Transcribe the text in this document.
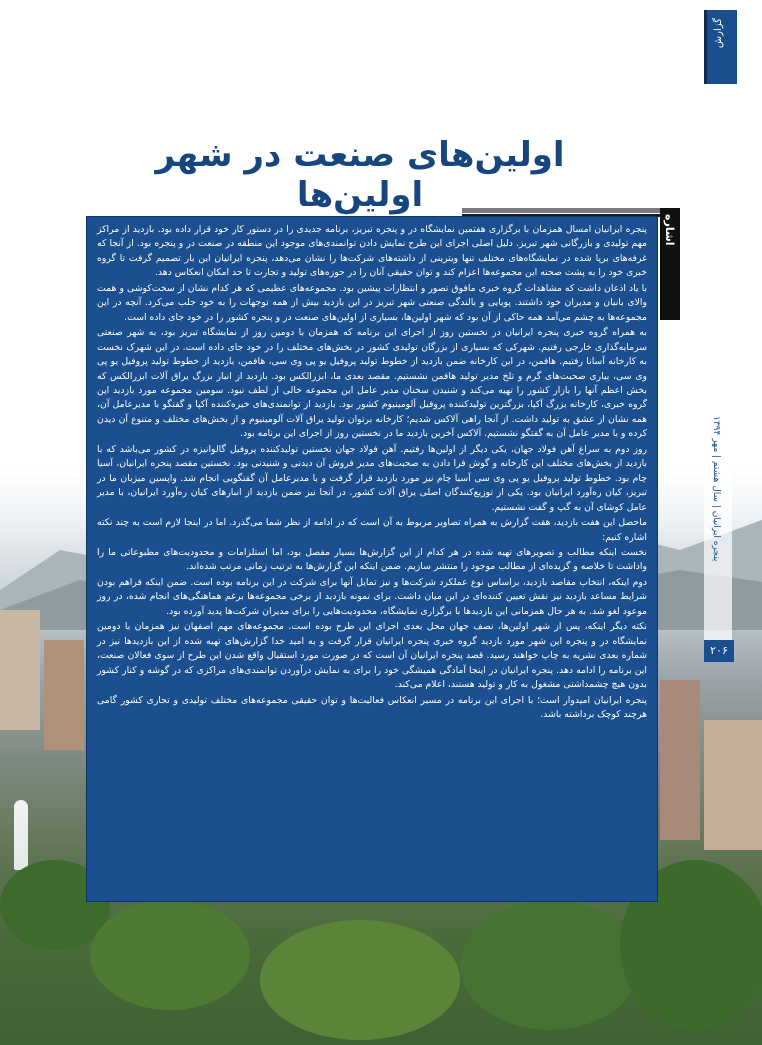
گزارش
اولین‌های صنعت در شهر اولین‌ها
اشاره

پنجره ایرانیان امسال همزمان با برگزاری هفتمین نمایشگاه در و پنجره تبریز، برنامه جدیدی را در دستور کار خود قرار داده بود. بازدید از مراکز مهم تولیدی و بازرگانی شهر تبریز. دلیل اصلی اجرای این طرح نمایش دادن توانمندی‌های موجود این منطقه در صنعت در و پنجره بود. از آنجا که غرفه‌های برپا شده در نمایشگاه‌های مختلف تنها ویترینی از داشته‌های شرکت‌ها را نشان می‌دهد، پنجره ایرانیان این بار تصمیم گرفت تا گروه خبری خود را به پشت صحنه این مجموعه‌ها اعزام کند و توان حقیقی آنان را در حوزه‌های تولید و تجارت تا حد امکان انعکاس دهد.

با یاد اذعان داشت که مشاهدات گروه خبری مافوق تصور و انتظارات پیشین بود. مجموعه‌های عظیمی که هر کدام نشان از سخت‌کوشی و همت والای بانیان و مدیران خود داشتند. پویایی و بالندگی صنعتی شهر تبریز در این بازدید بیش از همه توجهات را به خود جلب می‌کرد. آنچه در این مجموعه‌ها به چشم می‌آمد همه حاکی از آن بود که شهر اولین‌ها، بسیاری از اولین‌های صنعت در و پنجره کشور را در خود جای داده است.

به همراه گروه خبری پنجره ایرانیان در نخستین روز از اجرای این برنامه که همزمان با دومین روز از نمایشگاه تبریز بود، به شهر صنعتی سرمایه‌گذاری خارجی رفتیم. شهرکی که بسیاری از بزرگان تولیدی کشور در بخش‌های مختلف را در خود جای داده است. در این شهرک نخست به کارخانه آسانا رفتیم. هافمن، در این کارخانه ضمن بازدید از خطوط تولید پروفیل یو پی وی سی، هافمن، بازدید از خطوط تولید پروفیل یو پی وی سی، بیاری صحبت‌های گرم و تلخ مدیر تولید هافمن نشستیم. مقصد بعدی ما، ابزرالکس بود. بازدید از انبار بزرگ یراق آلات ابزرالکس که بخش اعظم آنها را بازار کشور را تهیه می‌کند و شنیدن سخنان مدیر عامل این مجموعه خالی از لطف نبود. سومین مجموعه مورد بازدید این گروه خبری، کارخانه بزرگ آکپا، بزرگترین تولیدکننده پروفیل آلومینیوم کشور بود. بازدید از توانمندی‌های خیره‌کننده آکپا و گفتگو با مدیرعامل آن، همه نشان از عشق به تولید داشت. از آنجا راهی آلاکس شدیم؛ کارخانه برتوان تولید یراق آلات آلومینیوم و از بخش‌های مختلف و متنوع آن دیدن کرده و با مدیر عامل آن به گفتگو نشستیم. آلاکس آخرین بازدید ما در نخستین روز از اجرای این برنامه بود.

روز دوم به سراغ آهن فولاد جهان، یکی دیگر از اولین‌ها رفتیم. آهن فولاد جهان نخستین تولیدکننده پروفیل گالوانیزه در کشور می‌باشد که با بازدید از بخش‌های مختلف این کارخانه و گوش فرا دادن به صحبت‌های مدیر فروش آن دیدنی و شنیدنی بود. نخستین مقصد پنجره ایرانیان، آسیا چام بود. خطوط تولید پروفیل یو پی وی سی آسیا چام نیز مورد بازدید قرار گرفت و با مدیرعامل آن گفتگویی انجام شد. واپسین میزبان ما در تبریز، کیان ره‌آورد ایرانیان بود. یکی از توزیع‌کنندگان اصلی یراق آلات کشور. در آنجا نیز ضمن بازدید از انبارهای کیان ره‌آورد ایرانیان، با مدیر عامل کوشای آن به گپ و گفت نشستیم.

ماحصل این هفت بازدید، هفت گزارش به همراه تصاویر مربوط به آن است که در ادامه از نظر شما می‌گذرد. اما در اینجا لازم است به چند نکته اشاره کنیم:

نخست اینکه مطالب و تصویرهای تهیه شده در هر کدام از این گزارش‌ها بسیار مفصل بود، اما استلزامات و محدودیت‌های مطبوعاتی ما را واداشت تا خلاصه و گزیده‌ای از مطالب موجود را منتشر سازیم. ضمن اینکه این گزارش‌ها به ترتیب زمانی مرتب شده‌اند.

دوم اینکه، انتخاب مقاصد بازدید، براساس نوع عملکرد شرکت‌ها و نیز تمایل آنها برای شرکت در این برنامه بوده است. ضمن اینکه فراهم بودن شرایط مساعد بازدید نیز نقش تعیین کننده‌ای در این میان داشت. برای نمونه بازدید از برخی مجموعه‌ها برغم هماهنگی‌های انجام شده، در روز موعود لغو شد. به هر حال همزمانی این بازدیدها با برگزاری نمایشگاه، محدودیت‌هایی را برای مدیران شرکت‌ها پدید آورده بود.

نکته دیگر اینکه، پس از شهر اولین‌ها، نصف جهان محل بعدی اجرای این طرح بوده است. مجموعه‌های مهم اصفهان نیز همزمان با دومین نمایشگاه در و پنجره این شهر مورد بازدید گروه خبری پنجره ایرانیان قرار گرفت و به امید خدا گزارش‌های تهیه شده از این بازدیدها نیز در شماره بعدی نشریه به چاپ خواهند رسید. قصد پنجره ایرانیان آن است که در صورت مورد استقبال واقع شدن این طرح از سوی فعالان صنعت، این برنامه را ادامه دهد. پنجره ایرانیان در اینجا آمادگی همیشگی خود را برای به نمایش درآوردن توانمندی‌های مراکزی که در گوشه و کنار کشور بدون هیچ چشمداشتی مشغول به کار و تولید هستند، اعلام می‌کند.

پنجره ایرانیان امیدوار است؛ با اجرای این برنامه در مسیر انعکاس فعالیت‌ها و توان حقیقی مجموعه‌های مختلف تولیدی و تجاری کشور گامی هرچند کوچک برداشته باشد.

پنجره ایرانیان | سال هشتم | مهر ۱۳۹۴
۲۰۶
